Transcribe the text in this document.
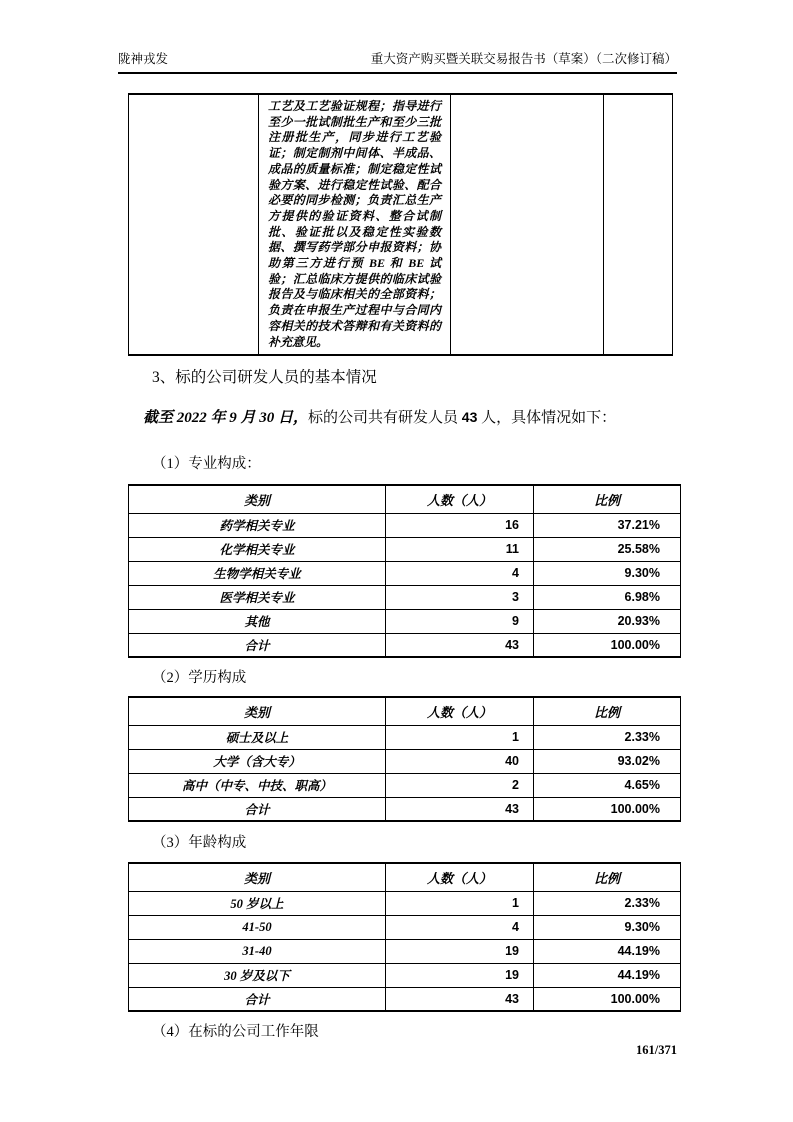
陇神戎发	重大资产购买暨关联交易报告书（草案）（二次修订稿）

工艺及工艺验证规程；指导进行至少一批试制批生产和至少三批注册批生产，同步进行工艺验证；制定制剂中间体、半成品、成品的质量标准；制定稳定性试验方案、进行稳定性试验、配合必要的同步检测；负责汇总生产方提供的验证资料、整合试制批、验证批以及稳定性实验数据、撰写药学部分申报资料；协助第三方进行预 BE 和 BE 试验；汇总临床方提供的临床试验报告及与临床相关的全部资料；负责在申报生产过程中与合同内容相关的技术答辩和有关资料的补充意见。

3、标的公司研发人员的基本情况

截至 2022 年 9 月 30 日，标的公司共有研发人员 43 人，具体情况如下：

（1）专业构成：
类别	人数（人）	比例
药学相关专业	16	37.21%
化学相关专业	11	25.58%
生物学相关专业	4	9.30%
医学相关专业	3	6.98%
其他	9	20.93%
合计	43	100.00%
（2）学历构成
类别	人数（人）	比例
硕士及以上	1	2.33%
大学（含大专）	40	93.02%
高中（中专、中技、职高）	2	4.65%
合计	43	100.00%
（3）年龄构成
类别	人数（人）	比例
50 岁以上	1	2.33%
41-50	4	9.30%
31-40	19	44.19%
30 岁及以下	19	44.19%
合计	43	100.00%
（4）在标的公司工作年限
161/371
